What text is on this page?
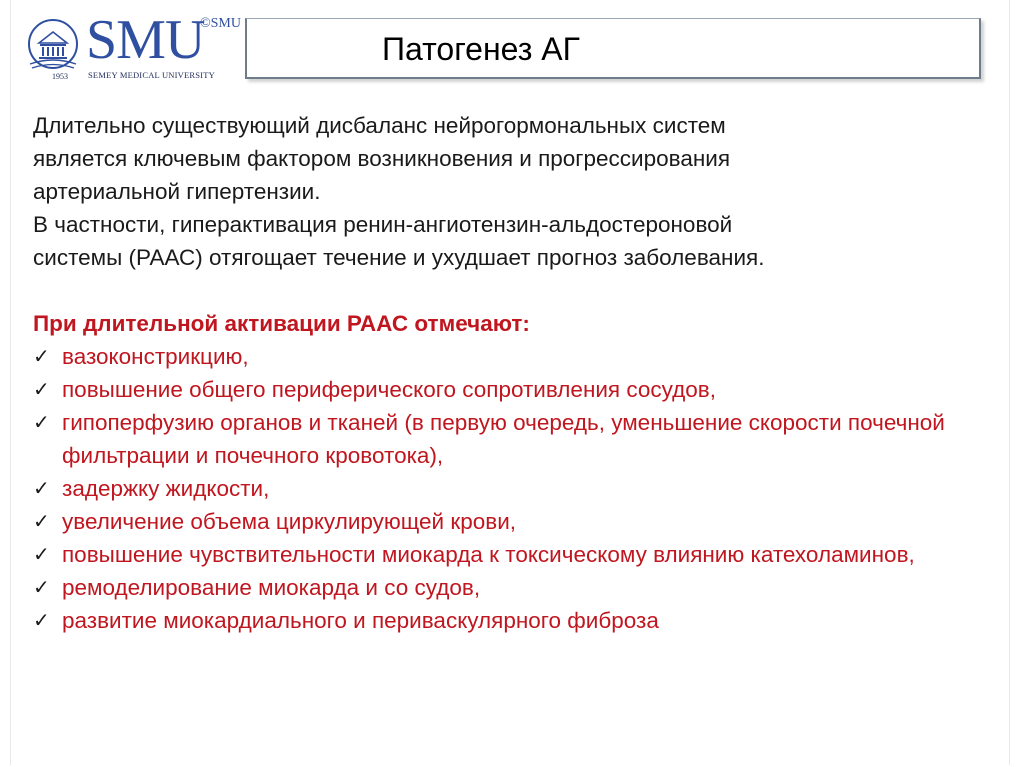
SMU
©SMU
1953 SEMEY MEDICAL UNIVERSITY
Патогенез АГ

Длительно существующий дисбаланс нейрогормональных систем

является ключевым фактором возникновения и прогрессирования

артериальной гипертензии.

В частности, гиперактивация ренин-ангиотензин-альдостероновой

системы (РААС) отягощает течение и ухудшает прогноз заболевания.

При длительной активации РААС отмечают:

✓ вазоконстрикцию,
✓ повышение общего периферического сопротивления сосудов,
✓ гипоперфузию органов и тканей (в первую очередь, уменьшение скорости почечной фильтрации и почечного кровотока),
✓ задержку жидкости,
✓ увеличение объема циркулирующей крови,
✓ повышение чувствительности миокарда к токсическому влиянию катехоламинов,
✓ ремоделирование миокарда и со судов,
✓ развитие миокардиального и периваскулярного фиброза
